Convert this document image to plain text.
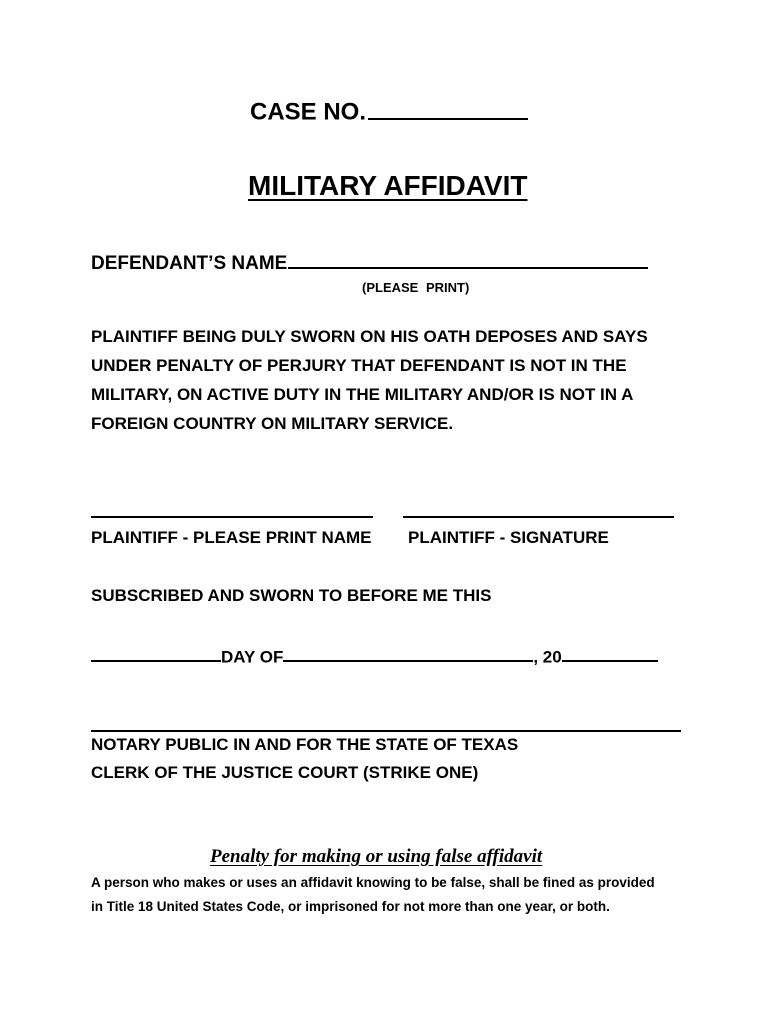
CASE NO.
MILITARY AFFIDAVIT
DEFENDANT’S NAME
(PLEASE PRINT)
PLAINTIFF BEING DULY SWORN ON HIS OATH DEPOSES AND SAYS
UNDER PENALTY OF PERJURY THAT DEFENDANT IS NOT IN THE
MILITARY, ON ACTIVE DUTY IN THE MILITARY AND/OR IS NOT IN A
FOREIGN COUNTRY ON MILITARY SERVICE.
PLAINTIFF - PLEASE PRINT NAME PLAINTIFF - SIGNATURE
SUBSCRIBED AND SWORN TO BEFORE ME THIS
DAY OF	, 20
NOTARY PUBLIC IN AND FOR THE STATE OF TEXAS
CLERK OF THE JUSTICE COURT (STRIKE ONE)
Penalty for making or using false affidavit
A person who makes or uses an affidavit knowing to be false, shall be fined as provided
in Title 18 United States Code, or imprisoned for not more than one year, or both.
